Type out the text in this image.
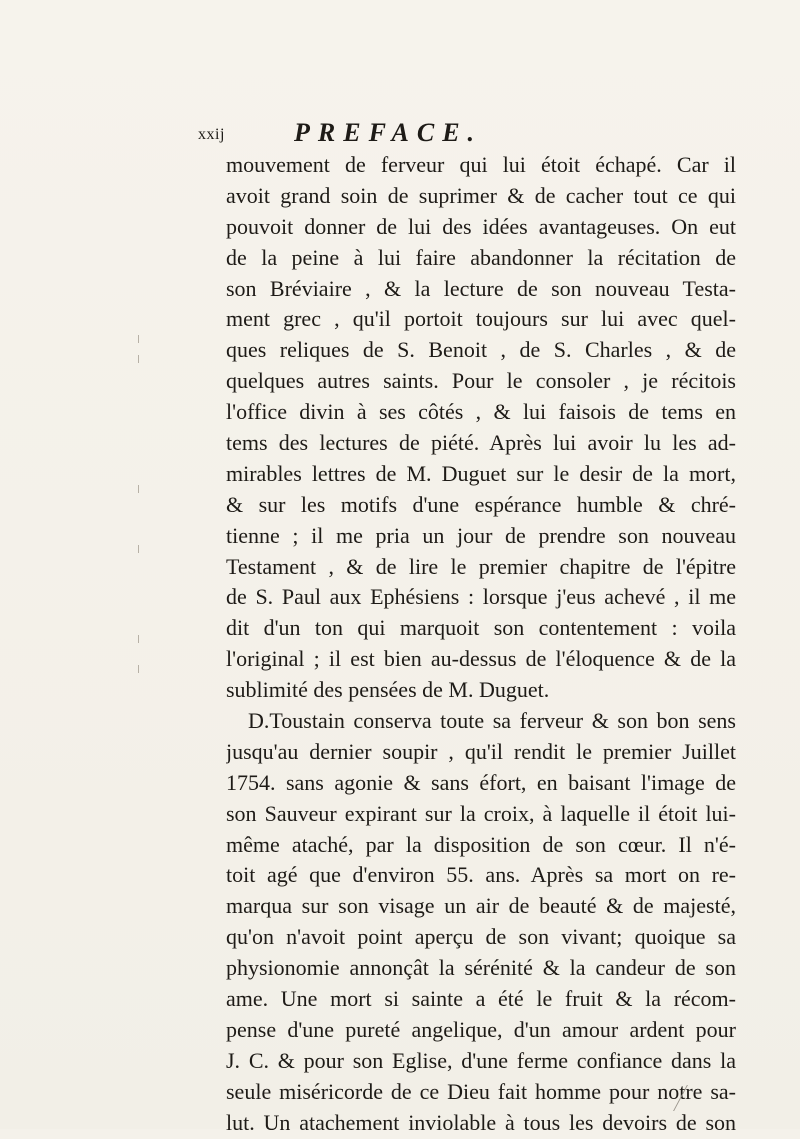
xxij	PREFACE.
mouvement de ferveur qui lui étoit échapé. Car il
avoit grand soin de suprimer & de cacher tout ce qui
pouvoit donner de lui des idées avantageuses. On eut
de la peine à lui faire abandonner la récitation de
son Bréviaire , & la lecture de son nouveau Testa-
ment grec , qu'il portoit toujours sur lui avec quel-
ques reliques de S. Benoit , de S. Charles , & de
quelques autres saints. Pour le consoler , je récitois
l'office divin à ses côtés , & lui faisois de tems en
tems des lectures de piété. Après lui avoir lu les ad-
mirables lettres de M. Duguet sur le desir de la mort,
& sur les motifs d'une espérance humble & chré-
tienne ; il me pria un jour de prendre son nouveau
Testament , & de lire le premier chapitre de l'épitre
de S. Paul aux Ephésiens : lorsque j'eus achevé , il me
dit d'un ton qui marquoit son contentement : voila
l'original ; il est bien au-dessus de l'éloquence & de la
sublimité des pensées de M. Duguet.
D.Toustain conserva toute sa ferveur & son bon sens
jusqu'au dernier soupir , qu'il rendit le premier Juillet
1754. sans agonie & sans éfort, en baisant l'image de
son Sauveur expirant sur la croix, à laquelle il étoit lui-
même ataché, par la disposition de son cœur. Il n'é-
toit agé que d'environ 55. ans. Après sa mort on re-
marqua sur son visage un air de beauté & de majesté,
qu'on n'avoit point aperçu de son vivant; quoique sa
physionomie annonçât la sérénité & la candeur de son
ame. Une mort si sainte a été le fruit & la récom-
pense d'une pureté angelique, d'un amour ardent pour
J. C. & pour son Eglise, d'une ferme confiance dans la
seule miséricorde de ce Dieu fait homme pour notre sa-
lut. Un atachement inviolable à tous les devoirs de son
